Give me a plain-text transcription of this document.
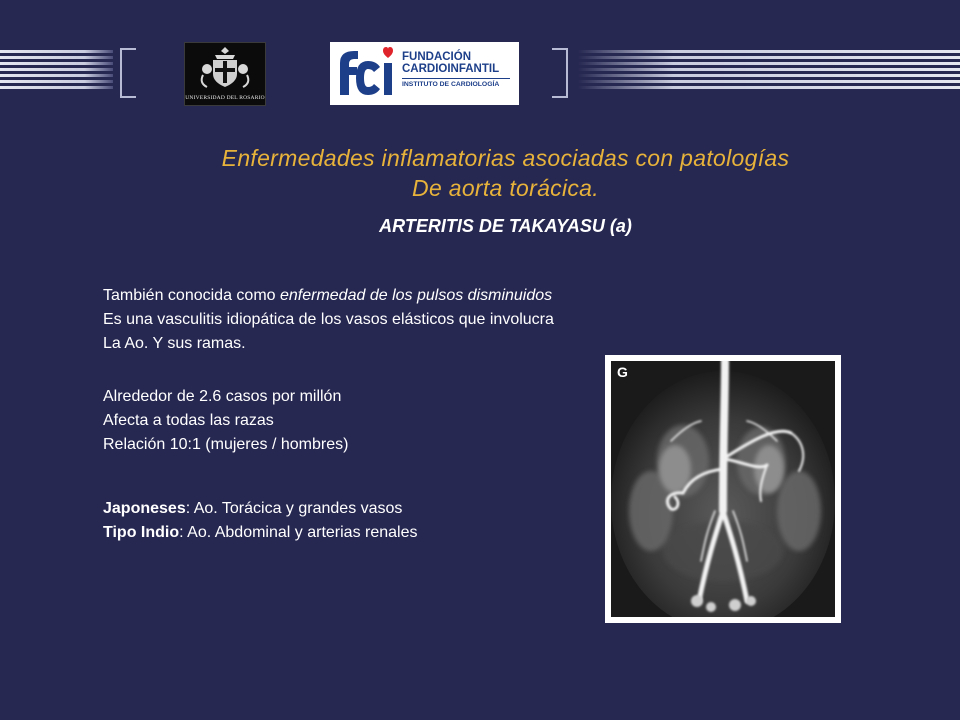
UNIVERSIDAD DEL ROSARIO
FUNDACIÓN
CARDIOINFANTIL
INSTITUTO DE CARDIOLOGÍA
Enfermedades inflamatorias asociadas con patologías
De aorta torácica.
ARTERITIS DE TAKAYASU (a)
También conocida como enfermedad de los pulsos disminuidos
Es una vasculitis idiopática de los vasos elásticos que involucra
La Ao. Y sus ramas.
Alrededor de 2.6 casos por millón
Afecta a todas las razas
Relación 10:1 (mujeres / hombres)
Japoneses: Ao. Torácica y grandes vasos
Tipo Indio: Ao. Abdominal y arterias renales
G
